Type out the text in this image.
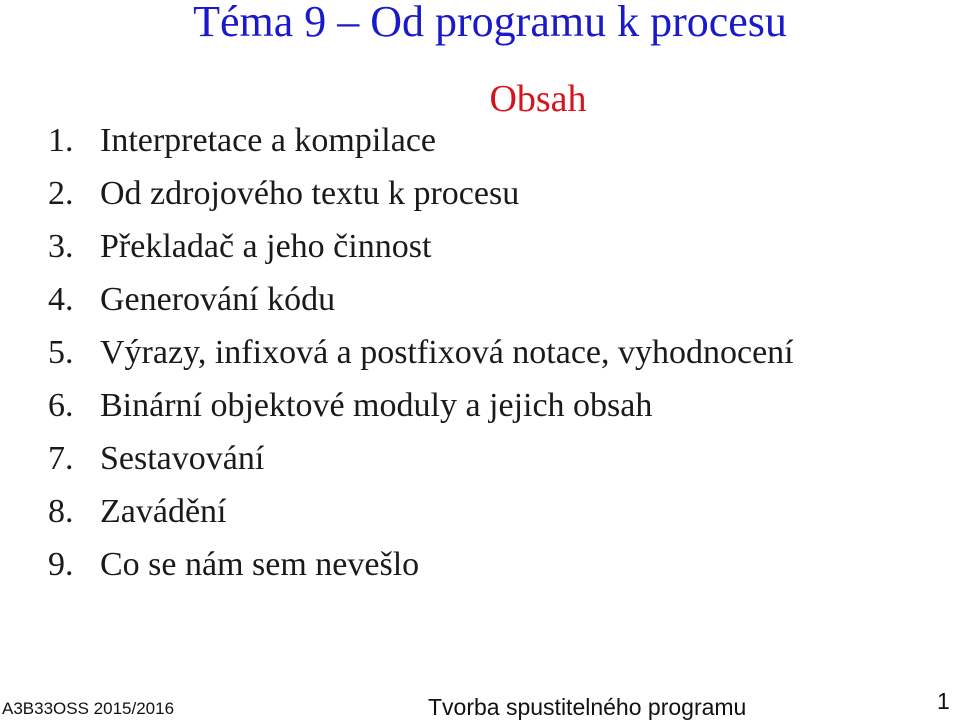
Téma 9 – Od programu k procesu
Obsah
1. Interpretace a kompilace
2. Od zdrojového textu k procesu
3. Překladač a jeho činnost
4. Generování kódu
5. Výrazy, infixová a postfixová notace, vyhodnocení
6. Binární objektové moduly a jejich obsah
7. Sestavování
8. Zavádění
9. Co se nám sem nevešlo
A3B33OSS 2015/2016	Tvorba spustitelného programu	1
